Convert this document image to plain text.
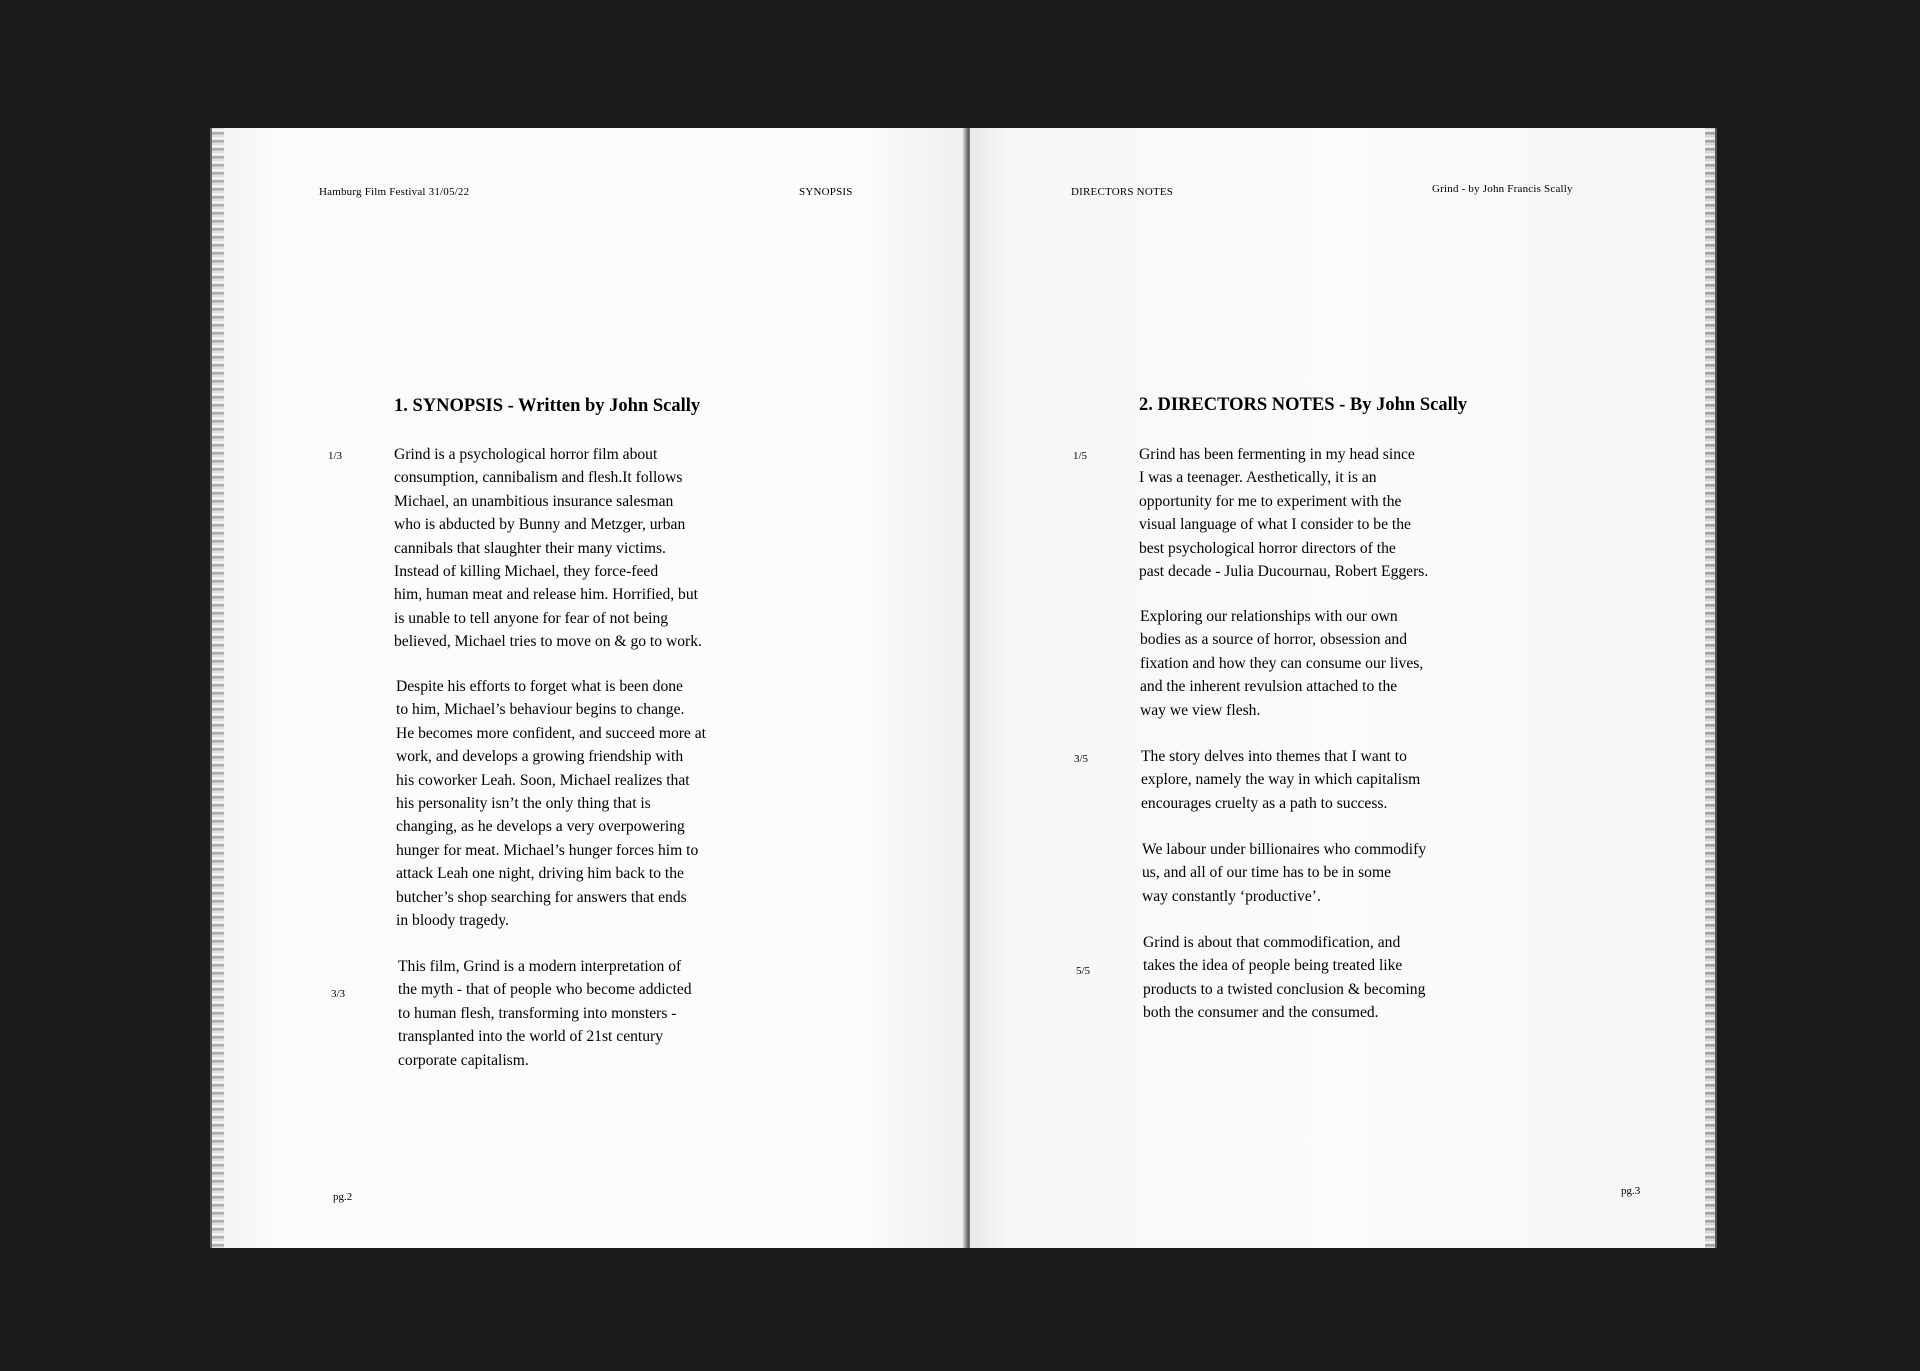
Hamburg Film Festival 31/05/22	SYNOPSIS
1. SYNOPSIS - Written by John Scally
1/3
3/3
Grind is a psychological horror film about
consumption, cannibalism and flesh.It follows
Michael, an unambitious insurance salesman
who is abducted by Bunny and Metzger, urban
cannibals that slaughter their many victims.
Instead of killing Michael, they force-feed
him, human meat and release him. Horrified, but
is unable to tell anyone for fear of not being
believed, Michael tries to move on & go to work.
Despite his efforts to forget what is been done
to him, Michael’s behaviour begins to change.
He becomes more confident, and succeed more at
work, and develops a growing friendship with
his coworker Leah. Soon, Michael realizes that
his personality isn’t the only thing that is
changing, as he develops a very overpowering
hunger for meat. Michael’s hunger forces him to
attack Leah one night, driving him back to the
butcher’s shop searching for answers that ends
in bloody tragedy.
This film, Grind is a modern interpretation of
the myth - that of people who become addicted
to human flesh, transforming into monsters -
transplanted into the world of 21st century
corporate capitalism.
pg.2
DIRECTORS NOTES	Grind - by John Francis Scally
2. DIRECTORS NOTES - By John Scally
1/5
3/5
5/5
Grind has been fermenting in my head since
I was a teenager. Aesthetically, it is an
opportunity for me to experiment with the
visual language of what I consider to be the
best psychological horror directors of the
past decade - Julia Ducournau, Robert Eggers.
Exploring our relationships with our own
bodies as a source of horror, obsession and
fixation and how they can consume our lives,
and the inherent revulsion attached to the
way we view flesh.
The story delves into themes that I want to
explore, namely the way in which capitalism
encourages cruelty as a path to success.
We labour under billionaires who commodify
us, and all of our time has to be in some
way constantly ‘productive’.
Grind is about that commodification, and
takes the idea of people being treated like
products to a twisted conclusion & becoming
both the consumer and the consumed.
pg.3
